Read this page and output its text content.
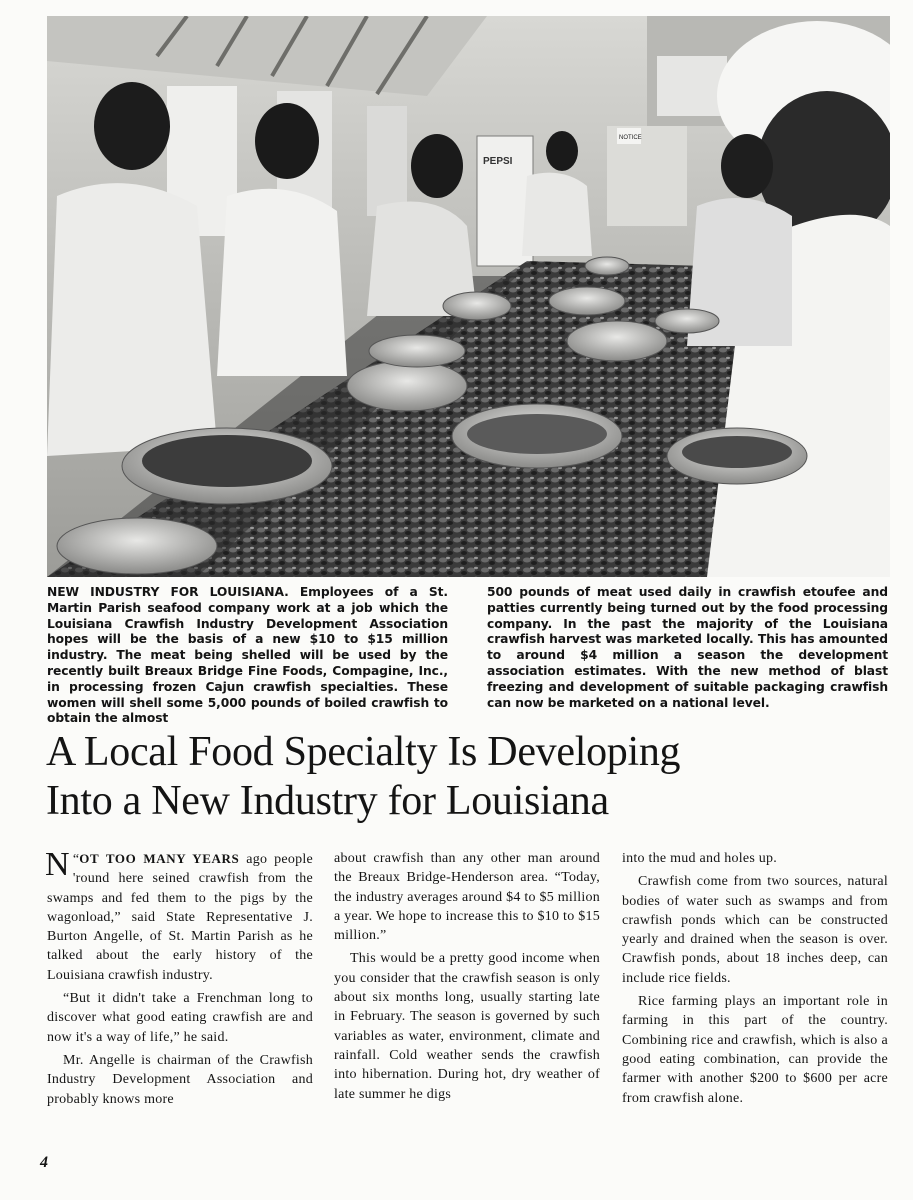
NOTICE
PEPSI
NEW INDUSTRY FOR LOUISIANA. Employees of a St. Martin Parish seafood company work at a job which the Louisiana Crawfish Industry Development Association hopes will be the basis of a new $10 to $15 million industry. The meat being shelled will be used by the recently built Breaux Bridge Fine Foods, Compagine, Inc., in processing frozen Cajun crawfish specialties. These women will shell some 5,000 pounds of boiled crawfish to obtain the almost
500 pounds of meat used daily in crawfish etoufee and patties currently being turned out by the food processing company. In the past the majority of the Louisiana crawfish harvest was marketed locally. This has amounted to around $4 million a season the development association estimates. With the new method of blast freezing and development of suitable packaging crawfish can now be marketed on a national level.
A Local Food Specialty Is Developing
Into a New Industry for Louisiana

“
N OT TOO MANY YEARS ago people 'round here seined crawfish from the swamps and fed them to the pigs by the wagonload,” said State Representative J. Burton Angelle, of St. Martin Parish as he talked about the early history of the Louisiana crawfish industry.

“But it didn't take a Frenchman long to discover what good eating crawfish are and now it's a way of life,” he said.

Mr. Angelle is chairman of the Crawfish Industry Development Association and probably knows more

about crawfish than any other man around the Breaux Bridge-Henderson area. “Today, the industry averages around $4 to $5 million a year. We hope to increase this to $10 to $15 million.”

This would be a pretty good income when you consider that the crawfish season is only about six months long, usually starting late in February. The season is governed by such variables as water, environment, climate and rainfall. Cold weather sends the crawfish into hibernation. During hot, dry weather of late summer he digs

into the mud and holes up.

Crawfish come from two sources, natural bodies of water such as swamps and from crawfish ponds which can be constructed yearly and drained when the season is over. Crawfish ponds, about 18 inches deep, can include rice fields.

Rice farming plays an important role in farming in this part of the country. Combining rice and crawfish, which is also a good eating combination, can provide the farmer with another $200 to $600 per acre from crawfish alone.

4
